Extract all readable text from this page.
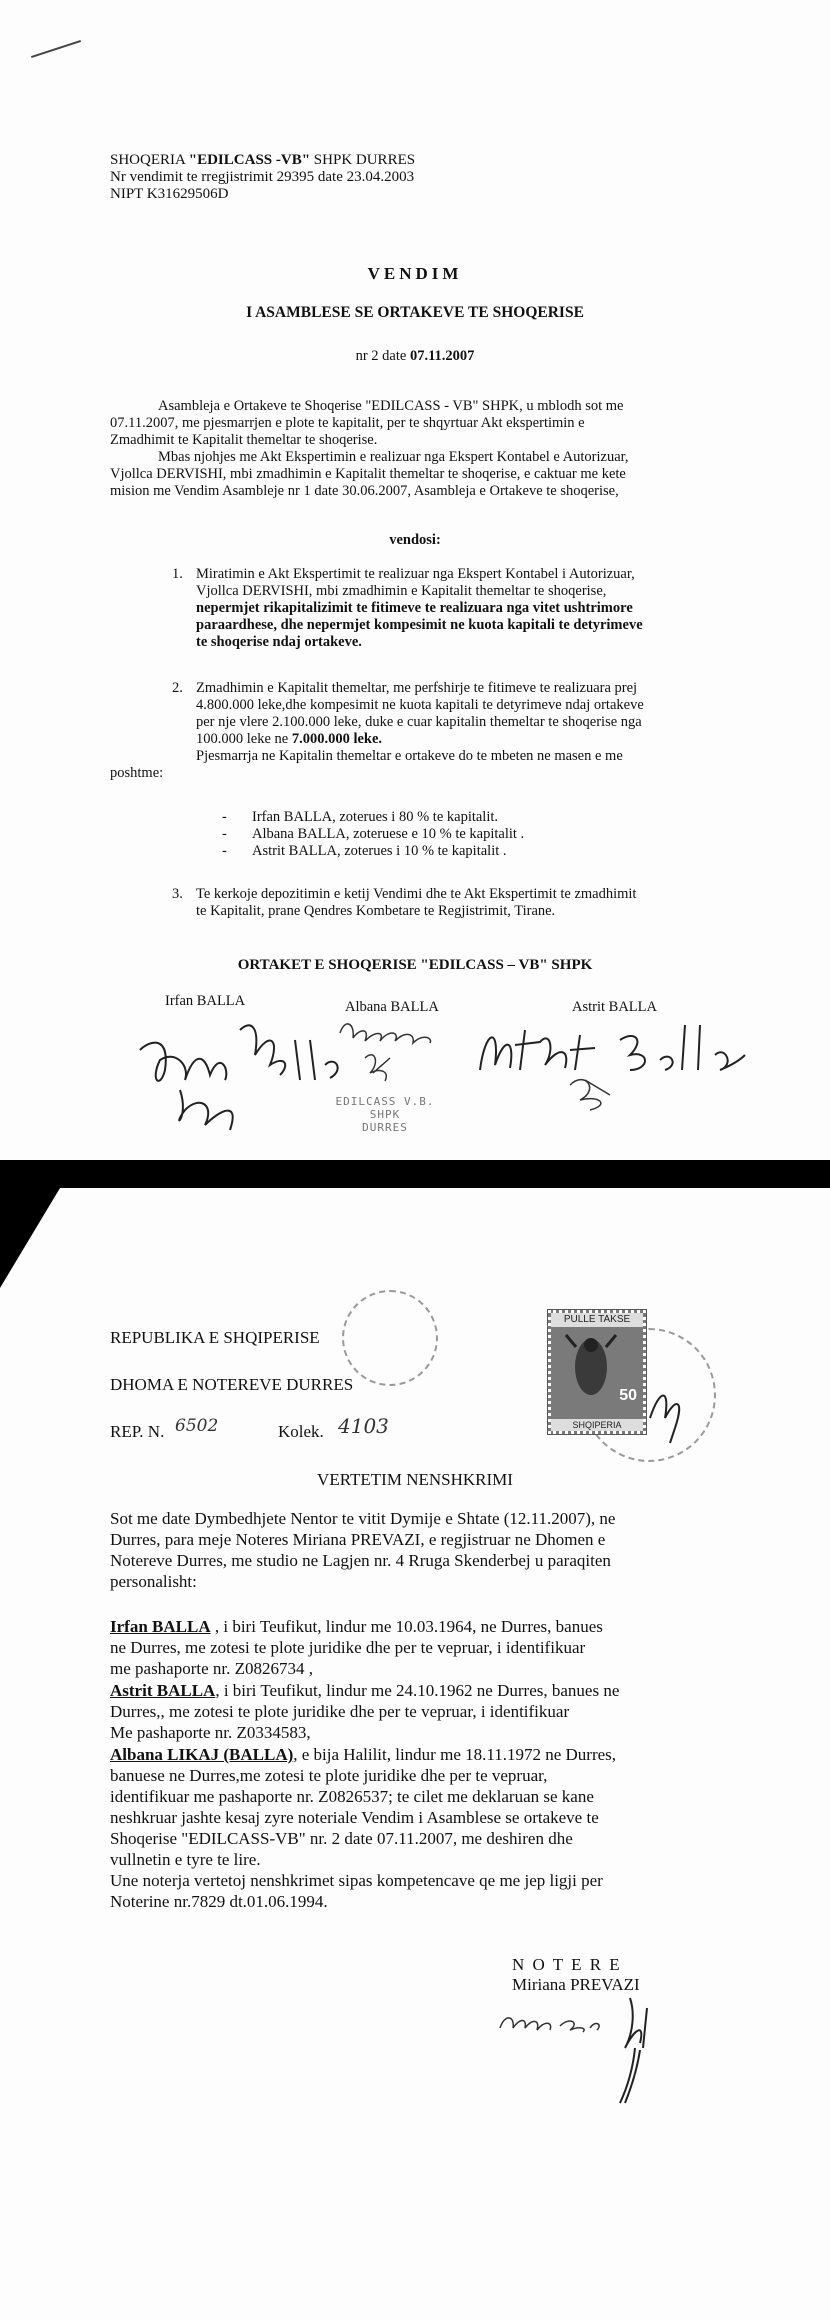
SHOQERIA "EDILCASS -VB" SHPK DURRES
Nr vendimit te rregjistrimit 29395 date 23.04.2003
NIPT K31629506D
VENDIM
I ASAMBLESE SE ORTAKEVE TE SHOQERISE
nr 2 date 07.11.2007
Asambleja e Ortakeve te Shoqerise "EDILCASS - VB" SHPK, u mblodh sot me
07.11.2007, me pjesmarrjen e plote te kapitalit, per te shqyrtuar Akt ekspertimin e
Zmadhimit te Kapitalit themeltar te shoqerise.
Mbas njohjes me Akt Ekspertimin e realizuar nga Ekspert Kontabel e Autorizuar,
Vjollca DERVISHI, mbi zmadhimin e Kapitalit themeltar te shoqerise, e caktuar me kete
mision me Vendim Asambleje nr 1 date 30.06.2007, Asambleja e Ortakeve te shoqerise,
vendosi:
1. Miratimin e Akt Ekspertimit te realizuar nga Ekspert Kontabel i Autorizuar,
Vjollca DERVISHI, mbi zmadhimin e Kapitalit themeltar te shoqerise,
nepermjet rikapitalizimit te fitimeve te realizuara nga vitet ushtrimore
paraardhese, dhe nepermjet kompesimit ne kuota kapitali te detyrimeve
te shoqerise ndaj ortakeve.
2. Zmadhimin e Kapitalit themeltar, me perfshirje te fitimeve te realizuara prej
4.800.000 leke,dhe kompesimit ne kuota kapitali te detyrimeve ndaj ortakeve
per nje vlere 2.100.000 leke, duke e cuar kapitalin themeltar te shoqerise nga
100.000 leke ne 7.000.000 leke.
Pjesmarrja ne Kapitalin themeltar e ortakeve do te mbeten ne masen e me
poshtme:
-	Irfan BALLA, zoterues i 80 % te kapitalit.
-	Albana BALLA, zoteruese e 10 % te kapitalit .
-	Astrit BALLA, zoterues i 10 % te kapitalit .
3. Te kerkoje depozitimin e ketij Vendimi dhe te Akt Ekspertimit te zmadhimit
te Kapitalit, prane Qendres Kombetare te Regjistrimit, Tirane.
ORTAKET E SHOQERISE "EDILCASS – VB" SHPK
Irfan BALLA	Albana BALLA	Astrit BALLA
EDILCASS V.B.
SHPK
DURRES
REPUBLIKA E SHQIPERISE
DHOMA E NOTEREVE DURRES
REP. N. 6502	Kolek. 4103
PULLE TAKSE
50
SHQIPERIA
VERTETIM NENSHKRIMI
Sot me date Dymbedhjete Nentor te vitit Dymije e Shtate (12.11.2007), ne
Durres, para meje Noteres Miriana PREVAZI, e regjistruar ne Dhomen e
Notereve Durres, me studio ne Lagjen nr. 4 Rruga Skenderbej u paraqiten
personalisht:
Irfan BALLA , i biri Teufikut, lindur me 10.03.1964, ne Durres, banues
ne Durres, me zotesi te plote juridike dhe per te vepruar, i identifikuar
me pashaporte nr. Z0826734 ,
Astrit BALLA, i biri Teufikut, lindur me 24.10.1962 ne Durres, banues ne
Durres,, me zotesi te plote juridike dhe per te vepruar, i identifikuar
Me pashaporte nr. Z0334583,
Albana LIKAJ (BALLA), e bija Halilit, lindur me 18.11.1972 ne Durres,
banuese ne Durres,me zotesi te plote juridike dhe per te vepruar,
identifikuar me pashaporte nr. Z0826537; te cilet me deklaruan se kane
neshkruar jashte kesaj zyre noteriale Vendim i Asamblese se ortakeve te
Shoqerise "EDILCASS-VB" nr. 2 date 07.11.2007, me deshiren dhe
vullnetin e tyre te lire.
Une noterja vertetoj nenshkrimet sipas kompetencave qe me jep ligji per
Noterine nr.7829 dt.01.06.1994.
N O T E R E
Miriana PREVAZI
